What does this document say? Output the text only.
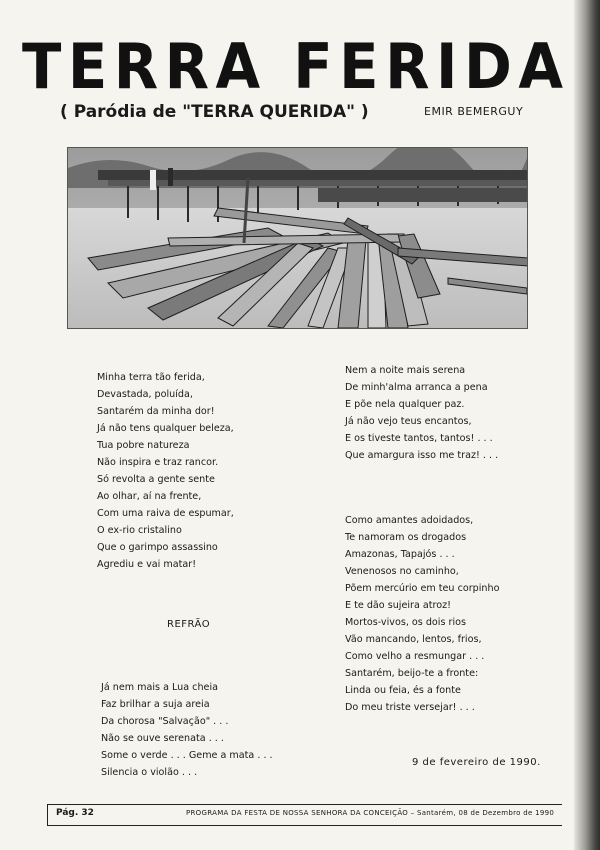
TERRA FERIDA
( Paródia de "TERRA QUERIDA" )	EMIR BEMERGUY
Minha terra tão ferida,
Devastada, poluída,
Santarém da minha dor!
Já não tens qualquer beleza,
Tua pobre natureza
Não inspira e traz rancor.
Só revolta a gente sente
Ao olhar, aí na frente,
Com uma raiva de espumar,
O ex-rio cristalino
Que o garimpo assassino
Agrediu e vai matar!
REFRÃO
Já nem mais a Lua cheia
Faz brilhar a suja areia
Da chorosa "Salvação" . . .
Não se ouve serenata . . .
Some o verde . . . Geme a mata . . .
Silencia o violão . . .
Nem a noite mais serena
De minh'alma arranca a pena
E põe nela qualquer paz.
Já não vejo teus encantos,
E os tiveste tantos, tantos! . . .
Que amargura isso me traz! . . .
Como amantes adoidados,
Te namoram os drogados
Amazonas, Tapajós . . .
Venenosos no caminho,
Põem mercúrio em teu corpinho
E te dão sujeira atroz!
Mortos-vivos, os dois rios
Vão mancando, lentos, frios,
Como velho a resmungar . . .
Santarém, beijo-te a fronte:
Linda ou feia, és a fonte
Do meu triste versejar! . . .
9 de fevereiro de 1990.
Pág. 32	PROGRAMA DA FESTA DE NOSSA SENHORA DA CONCEIÇÃO – Santarém, 08 de Dezembro de 1990
